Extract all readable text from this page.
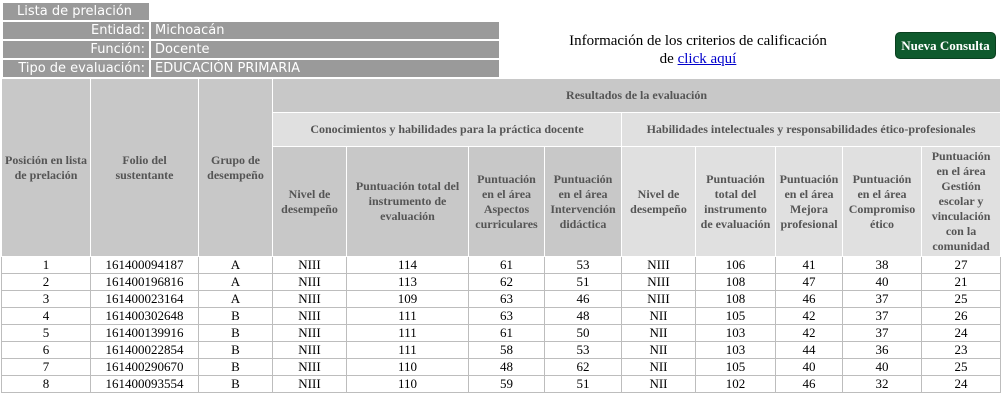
Lista de prelación
Entidad: Michoacán
Función: Docente
Tipo de evaluación: EDUCACIÓN PRIMARIA
Información de los criterios de calificación
de click aquí
Nueva Consulta
Posición en lista de prelación	Folio del sustentante	Grupo de desempeño	Resultados de la evaluación								
			Conocimientos y habilidades para la práctica docente				Habilidades intelectuales y responsabilidades ético-profesionales				
			Nivel de desempeño	Puntuación total del instrumento de evaluación	Puntuación en el área Aspectos curriculares	Puntuación en el área Intervención didáctica	Nivel de desempeño	Puntuación total del instrumento de evaluación	Puntuación en el área Mejora profesional	Puntuación en el área Compromiso ético	Puntuación en el área Gestión escolar y vinculación con la comunidad
1	161400094187	A	NIII	114	61	53	NIII	106	41	38	27
2	161400196816	A	NIII	113	62	51	NIII	108	47	40	21
3	161400023164	A	NIII	109	63	46	NIII	108	46	37	25
4	161400302648	B	NIII	111	63	48	NII	105	42	37	26
5	161400139916	B	NIII	111	61	50	NII	103	42	37	24
6	161400022854	B	NIII	111	58	53	NII	103	44	36	23
7	161400290670	B	NIII	110	48	62	NII	105	40	40	25
8	161400093554	B	NIII	110	59	51	NII	102	46	32	24
